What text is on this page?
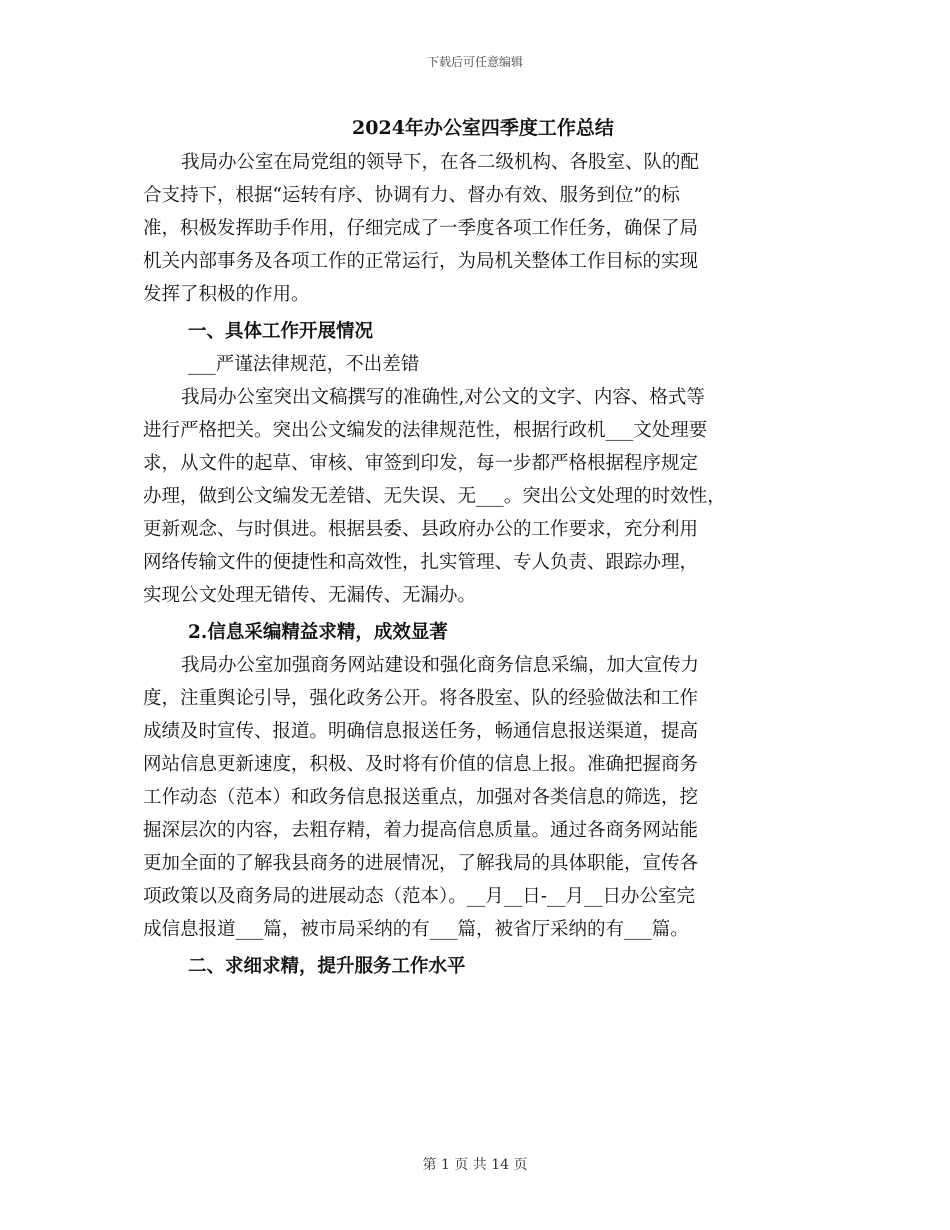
下载后可任意编辑
2024年办公室四季度工作总结
我局办公室在局党组的领导下，在各二级机构、各股室、队的配
合支持下，根据“运转有序、协调有力、督办有效、服务到位”的标
准，积极发挥助手作用，仔细完成了一季度各项工作任务，确保了局
机关内部事务及各项工作的正常运行，为局机关整体工作目标的实现
发挥了积极的作用。
一、具体工作开展情况

___严谨法律规范，不出差错

我局办公室突出文稿撰写的准确性,对公文的文字、内容、格式等
进行严格把关。突出公文编发的法律规范性，根据行政机___文处理要
求，从文件的起草、审核、审签到印发，每一步都严格根据程序规定
办理，做到公文编发无差错、无失误、无___。突出公文处理的时效性，
更新观念、与时俱进。根据县委、县政府办公的工作要求，充分利用
网络传输文件的便捷性和高效性，扎实管理、专人负责、跟踪办理，
实现公文处理无错传、无漏传、无漏办。
2.信息采编精益求精，成效显著
我局办公室加强商务网站建设和强化商务信息采编，加大宣传力
度，注重舆论引导，强化政务公开。将各股室、队的经验做法和工作
成绩及时宣传、报道。明确信息报送任务，畅通信息报送渠道，提高
网站信息更新速度，积极、及时将有价值的信息上报。准确把握商务
工作动态（范本）和政务信息报送重点，加强对各类信息的筛选，挖
掘深层次的内容，去粗存精，着力提高信息质量。通过各商务网站能
更加全面的了解我县商务的进展情况，了解我局的具体职能，宣传各
项政策以及商务局的进展动态（范本）。__月__日-__月__日办公室完
成信息报道___篇，被市局采纳的有___篇，被省厅采纳的有___篇。
二、求细求精，提升服务工作水平
第 1 页 共 14 页
